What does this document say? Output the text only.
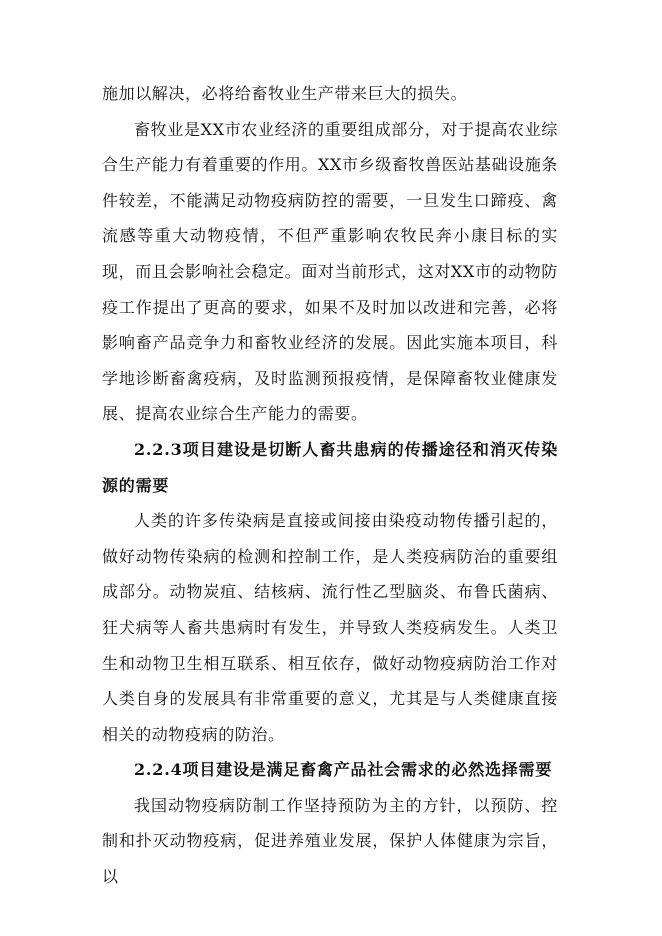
施加以解决，必将给畜牧业生产带来巨大的损失。

畜牧业是XX市农业经济的重要组成部分，对于提高农业综合生产能力有着重要的作用。XX市乡级畜牧兽医站基础设施条件较差，不能满足动物疫病防控的需要，一旦发生口蹄疫、禽流感等重大动物疫情，不但严重影响农牧民奔小康目标的实现，而且会影响社会稳定。面对当前形式，这对XX市的动物防疫工作提出了更高的要求，如果不及时加以改进和完善，必将影响畜产品竞争力和畜牧业经济的发展。因此实施本项目，科学地诊断畜禽疫病，及时监测预报疫情，是保障畜牧业健康发展、提高农业综合生产能力的需要。

2.2.3项目建设是切断人畜共患病的传播途径和消灭传染源的需要

人类的许多传染病是直接或间接由染疫动物传播引起的，做好动物传染病的检测和控制工作，是人类疫病防治的重要组成部分。动物炭疽、结核病、流行性乙型脑炎、布鲁氏菌病、狂犬病等人畜共患病时有发生，并导致人类疫病发生。人类卫生和动物卫生相互联系、相互依存，做好动物疫病防治工作对人类自身的发展具有非常重要的意义，尤其是与人类健康直接相关的动物疫病的防治。

2.2.4项目建设是满足畜禽产品社会需求的必然选择需要

我国动物疫病防制工作坚持预防为主的方针，以预防、控制和扑灭动物疫病，促进养殖业发展，保护人体健康为宗旨，以
